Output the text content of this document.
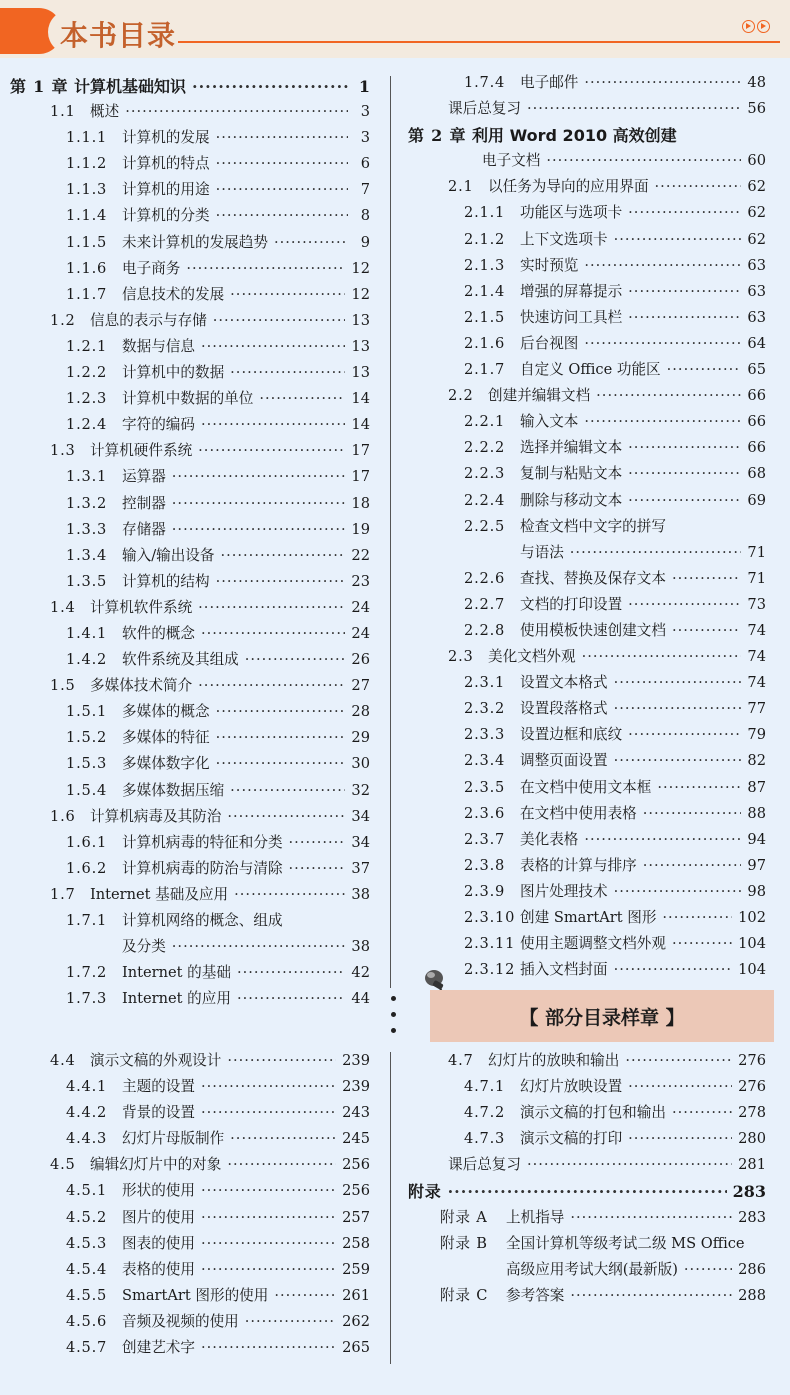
本书目录
第 1 章 计算机基础知识 ·····	1
1.1 概述 ·····	3
1.1.1	计算机的发展 ·····	3
1.1.2	计算机的特点 ·····	6
1.1.3	计算机的用途 ·····	7
1.1.4	计算机的分类 ·····	8
1.1.5	未来计算机的发展趋势 ·····	9
1.1.6	电子商务 ·····	12
1.1.7	信息技术的发展 ·····	12
1.2 信息的表示与存储 ·····	13
1.2.1	数据与信息 ·····	13
1.2.2	计算机中的数据 ·····	13
1.2.3	计算机中数据的单位 ·····	14
1.2.4	字符的编码 ·····	14
1.3 计算机硬件系统 ·····	17
1.3.1	运算器 ·····	17
1.3.2	控制器 ·····	18
1.3.3	存储器 ·····	19
1.3.4	输入/输出设备 ·····	22
1.3.5	计算机的结构 ·····	23
1.4 计算机软件系统 ·····	24
1.4.1	软件的概念 ·····	24
1.4.2	软件系统及其组成 ·····	26
1.5 多媒体技术简介 ·····	27
1.5.1	多媒体的概念 ·····	28
1.5.2	多媒体的特征 ·····	29
1.5.3	多媒体数字化 ·····	30
1.5.4	多媒体数据压缩 ·····	32
1.6 计算机病毒及其防治 ·····	34
1.6.1	计算机病毒的特征和分类 ·····	34
1.6.2	计算机病毒的防治与清除 ·····	37
1.7 Internet 基础及应用 ·····	38
1.7.1	计算机网络的概念、组成
及分类 ·····	38
1.7.2	Internet 的基础 ·····	42
1.7.3	Internet 的应用 ·····	44
1.7.4	电子邮件 ·····	48
课后总复习 ·····	56
第 2 章 利用 Word 2010 高效创建
电子文档 ·····	60
2.1 以任务为导向的应用界面 ·····	62
2.1.1	功能区与选项卡 ·····	62
2.1.2	上下文选项卡 ·····	62
2.1.3	实时预览 ·····	63
2.1.4	增强的屏幕提示 ·····	63
2.1.5	快速访问工具栏 ·····	63
2.1.6	后台视图 ·····	64
2.1.7	自定义 Office 功能区 ·····	65
2.2 创建并编辑文档 ·····	66
2.2.1	输入文本 ·····	66
2.2.2	选择并编辑文本 ·····	66
2.2.3	复制与粘贴文本 ·····	68
2.2.4	删除与移动文本 ·····	69
2.2.5	检查文档中文字的拼写
与语法 ·····	71
2.2.6	查找、替换及保存文本 ·····	71
2.2.7	文档的打印设置 ·····	73
2.2.8	使用模板快速创建文档 ·····	74
2.3 美化文档外观 ·····	74
2.3.1	设置文本格式 ·····	74
2.3.2	设置段落格式 ·····	77
2.3.3	设置边框和底纹 ·····	79
2.3.4	调整页面设置 ·····	82
2.3.5	在文档中使用文本框 ·····	87
2.3.6	在文档中使用表格 ·····	88
2.3.7	美化表格 ·····	94
2.3.8	表格的计算与排序 ·····	97
2.3.9	图片处理技术 ·····	98
2.3.10 创建 SmartArt 图形 ·····	102
2.3.11 使用主题调整文档外观 ·····	104
2.3.12 插入文档封面 ·····	104
4.4 演示文稿的外观设计 ·····	239
4.4.1	主题的设置 ·····	239
4.4.2	背景的设置 ·····	243
4.4.3	幻灯片母版制作 ·····	245
4.5 编辑幻灯片中的对象 ·····	256
4.5.1	形状的使用 ·····	256
4.5.2	图片的使用 ·····	257
4.5.3	图表的使用 ·····	258
4.5.4	表格的使用 ·····	259
4.5.5	SmartArt 图形的使用 ·····	261
4.5.6	音频及视频的使用 ·····	262
4.5.7	创建艺术字 ·····	265
4.7 幻灯片的放映和输出 ·····	276
4.7.1	幻灯片放映设置 ·····	276
4.7.2	演示文稿的打包和输出 ·····	278
4.7.3	演示文稿的打印 ·····	280
课后总复习 ·····	281
附录 ·····	283
附录 A	上机指导 ·····	283
附录 B	全国计算机等级考试二级 MS Office
高级应用考试大纲(最新版) ·····	286
附录 C	参考答案 ·····	288
【 部分目录样章 】
